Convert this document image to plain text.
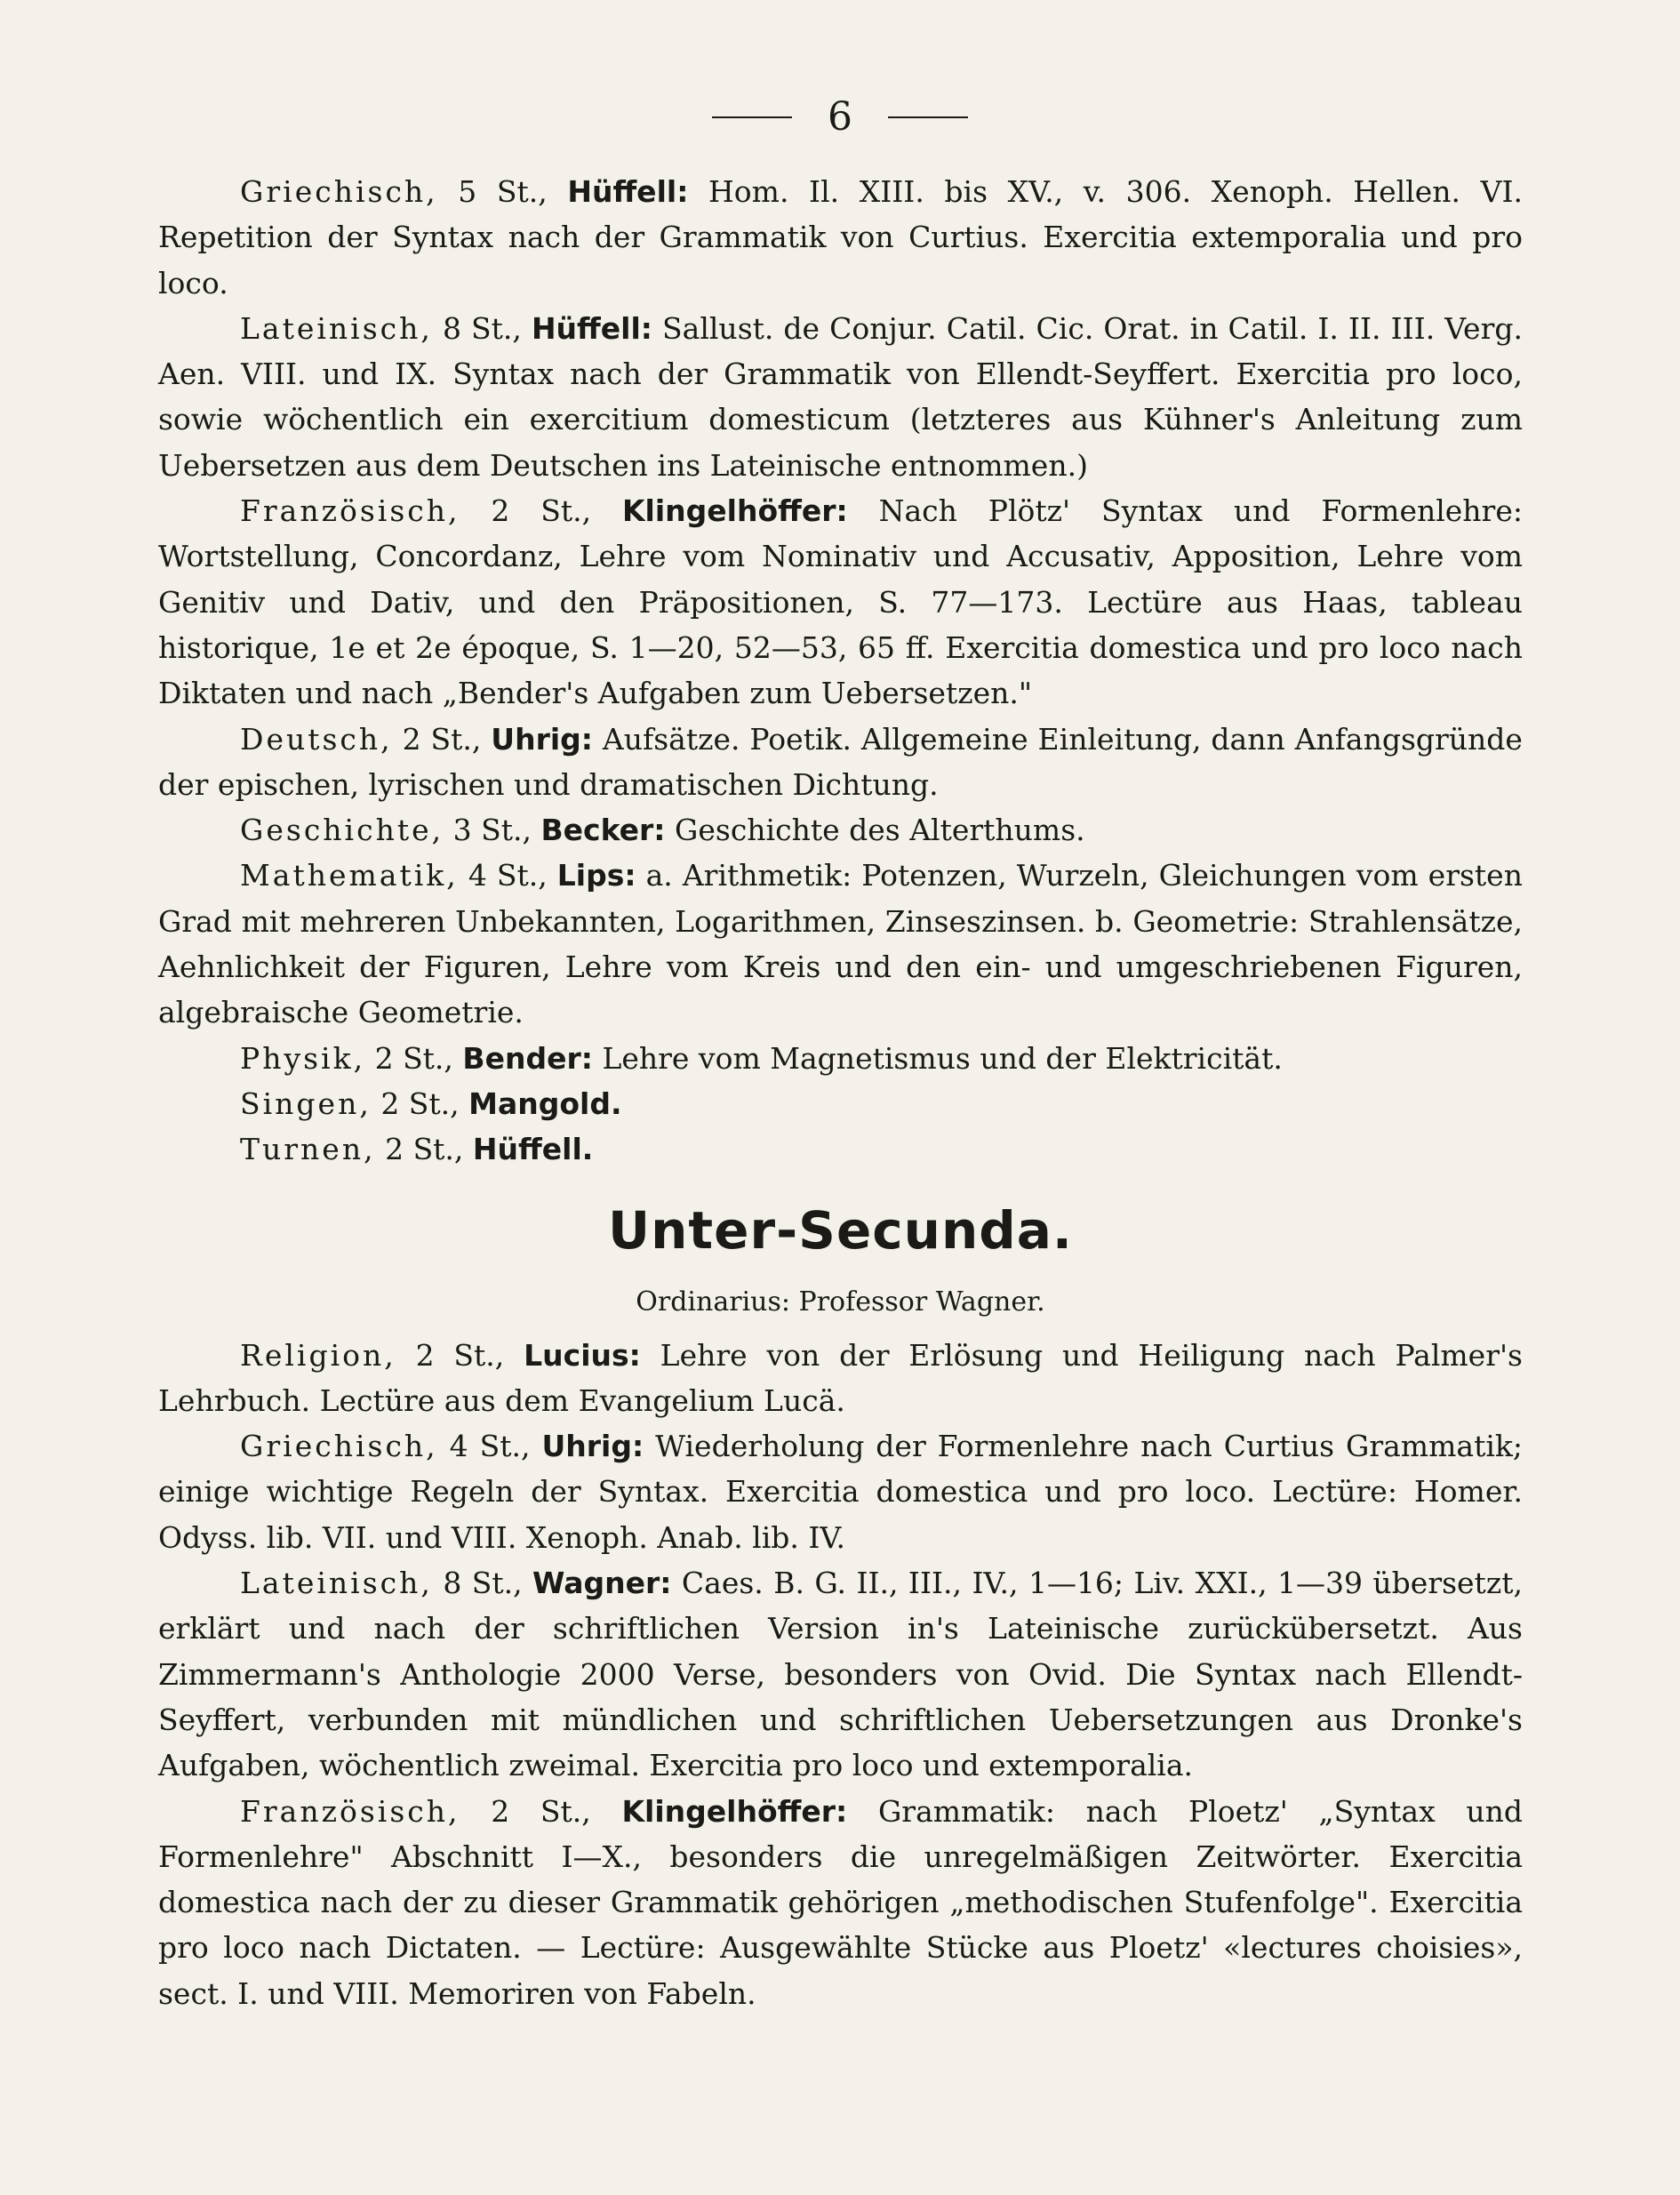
6

Griechisch, 5 St., Hüffell: Hom. Il. XIII. bis XV., v. 306. Xenoph. Hellen. VI. Repetition der Syntax nach der Grammatik von Curtius. Exercitia extemporalia und pro loco.

Lateinisch, 8 St., Hüffell: Sallust. de Conjur. Catil. Cic. Orat. in Catil. I. II. III. Verg. Aen. VIII. und IX. Syntax nach der Grammatik von Ellendt-Seyffert. Exercitia pro loco, sowie wöchentlich ein exercitium domesticum (letzteres aus Kühner's Anleitung zum Uebersetzen aus dem Deutschen ins Lateinische entnommen.)

Französisch, 2 St., Klingelhöffer: Nach Plötz' Syntax und Formenlehre: Wortstellung, Concordanz, Lehre vom Nominativ und Accusativ, Apposition, Lehre vom Genitiv und Dativ, und den Präpositionen, S. 77—173. Lectüre aus Haas, tableau historique, 1e et 2e époque, S. 1—20, 52—53, 65 ff. Exercitia domestica und pro loco nach Diktaten und nach „Bender's Aufgaben zum Uebersetzen."

Deutsch, 2 St., Uhrig: Aufsätze. Poetik. Allgemeine Einleitung, dann Anfangsgründe der epischen, lyrischen und dramatischen Dichtung.

Geschichte, 3 St., Becker: Geschichte des Alterthums.

Mathematik, 4 St., Lips: a. Arithmetik: Potenzen, Wurzeln, Gleichungen vom ersten Grad mit mehreren Unbekannten, Logarithmen, Zinseszinsen. b. Geometrie: Strahlensätze, Aehnlichkeit der Figuren, Lehre vom Kreis und den ein- und umgeschriebenen Figuren, algebraische Geometrie.

Physik, 2 St., Bender: Lehre vom Magnetismus und der Elektricität.

Singen, 2 St., Mangold.

Turnen, 2 St., Hüffell.

Unter-Secunda.
Ordinarius: Professor Wagner.

Religion, 2 St., Lucius: Lehre von der Erlösung und Heiligung nach Palmer's Lehrbuch. Lectüre aus dem Evangelium Lucä.

Griechisch, 4 St., Uhrig: Wiederholung der Formenlehre nach Curtius Grammatik; einige wichtige Regeln der Syntax. Exercitia domestica und pro loco. Lectüre: Homer. Odyss. lib. VII. und VIII. Xenoph. Anab. lib. IV.

Lateinisch, 8 St., Wagner: Caes. B. G. II., III., IV., 1—16; Liv. XXI., 1—39 übersetzt, erklärt und nach der schriftlichen Version in's Lateinische zurückübersetzt. Aus Zimmermann's Anthologie 2000 Verse, besonders von Ovid. Die Syntax nach Ellendt-Seyffert, verbunden mit mündlichen und schriftlichen Uebersetzungen aus Dronke's Aufgaben, wöchentlich zweimal. Exercitia pro loco und extemporalia.

Französisch, 2 St., Klingelhöffer: Grammatik: nach Ploetz' „Syntax und Formenlehre" Abschnitt I—X., besonders die unregelmäßigen Zeitwörter. Exercitia domestica nach der zu dieser Grammatik gehörigen „methodischen Stufenfolge". Exercitia pro loco nach Dictaten. — Lectüre: Ausgewählte Stücke aus Ploetz' «lectures choisies», sect. I. und VIII. Memoriren von Fabeln.
